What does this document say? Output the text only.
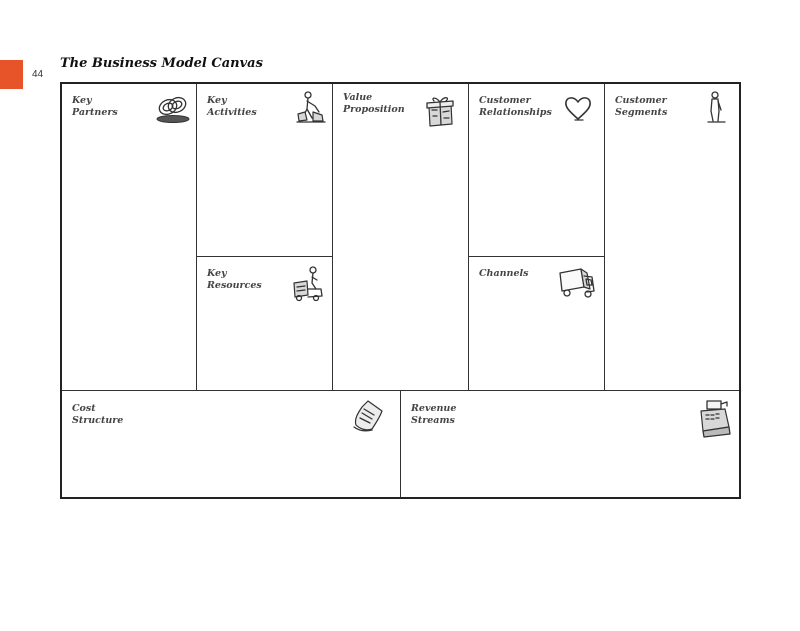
44
The Business Model Canvas
Key
Partners
Key
Activities
Value
Proposition
Customer
Relationships
Customer
Segments
Key
Resources
Channels
Cost
Structure
Revenue
Streams
